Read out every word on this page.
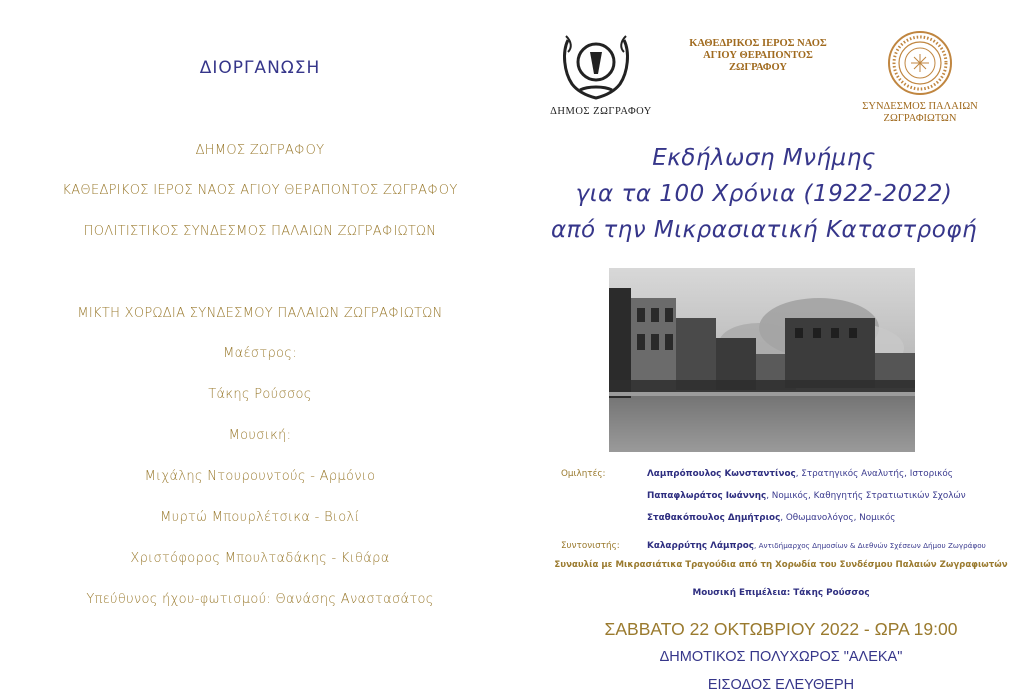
ΔΙΟΡΓΑΝΩΣΗ
ΔΗΜΟΣ ΖΩΓΡΑΦΟΥ
ΚΑΘΕΔΡΙΚΟΣ ΙΕΡΟΣ ΝΑΟΣ ΑΓΙΟΥ ΘΕΡΑΠΟΝΤΟΣ ΖΩΓΡΑΦΟΥ
ΠΟΛΙΤΙΣΤΙΚΟΣ ΣΥΝΔΕΣΜΟΣ ΠΑΛΑΙΩΝ ΖΩΓΡΑΦΙΩΤΩΝ
ΜΙΚΤΗ ΧΟΡΩΔΙΑ ΣΥΝΔΕΣΜΟΥ ΠΑΛΑΙΩΝ ΖΩΓΡΑΦΙΩΤΩΝ
Μαέστρος:
Τάκης Ρούσσος
Μουσική:
Μιχάλης Ντουρουντούς - Αρμόνιο
Μυρτώ Μπουρλέτσικα - Βιολί
Χριστόφορος Μπουλταδάκης - Κιθάρα
Υπεύθυνος ήχου-φωτισμού: Θανάσης Αναστασάτος
ΔΗΜΟΣ ΖΩΓΡΑΦΟΥ
ΚΑΘΕΔΡΙΚΟΣ ΙΕΡΟΣ ΝΑΟΣ
ΑΓΙΟΥ ΘΕΡΑΠΟΝΤΟΣ
ΖΩΓΡΑΦΟΥ
ΣΥΝΔΕΣΜΟΣ ΠΑΛΑΙΩΝ
ΖΩΓΡΑΦΙΩΤΩΝ
Εκδήλωση Μνήμης
για τα 100 Χρόνια (1922-2022)
από την Μικρασιατική Καταστροφή
Ομιλητές:	Λαμπρόπουλος Κωνσταντίνος, Στρατηγικός Αναλυτής, Ιστορικός
Παπαφλωράτος Ιωάννης, Νομικός, Καθηγητής Στρατιωτικών Σχολών
Σταθακόπουλος Δημήτριος, Οθωμανολόγος, Νομικός
Συντονιστής:	Καλαρρύτης Λάμπρος, Αντιδήμαρχος Δημοσίων & Διεθνών Σχέσεων Δήμου Ζωγράφου
Συναυλία με Μικρασιάτικα Τραγούδια από τη Χορωδία του Συνδέσμου Παλαιών Ζωγραφιωτών
Μουσική Επιμέλεια: Τάκης Ρούσσος
ΣΑΒΒΑΤΟ 22 ΟΚΤΩΒΡΙΟΥ 2022 - ΩΡΑ 19:00
ΔΗΜΟΤΙΚΟΣ ΠΟΛΥΧΩΡΟΣ "ΑΛΕΚΑ"
ΕΙΣΟΔΟΣ ΕΛΕΥΘΕΡΗ
